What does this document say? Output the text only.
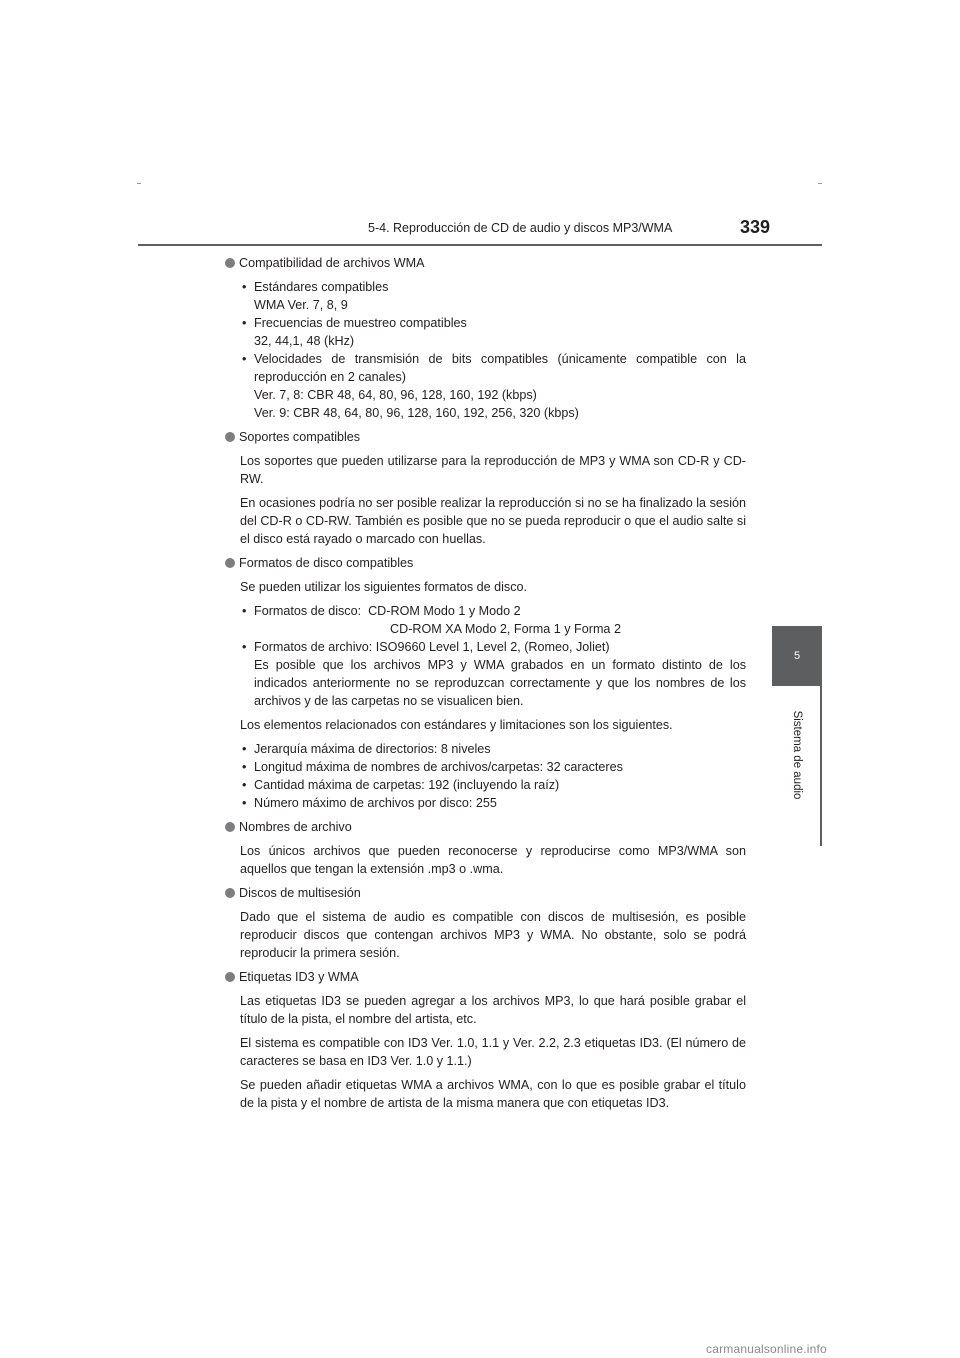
5-4. Reproducción de CD de audio y discos MP3/WMA	339
5
Sistema de audio
Compatibilidad de archivos WMA
• Estándares compatibles
WMA Ver. 7, 8, 9
• Frecuencias de muestreo compatibles
32, 44,1, 48 (kHz)
• Velocidades de transmisión de bits compatibles (únicamente compatible con la reproducción en 2 canales)
Ver. 7, 8: CBR 48, 64, 80, 96, 128, 160, 192 (kbps)
Ver. 9: CBR 48, 64, 80, 96, 128, 160, 192, 256, 320 (kbps)
Soportes compatibles

Los soportes que pueden utilizarse para la reproducción de MP3 y WMA son CD-R y CD-RW.

En ocasiones podría no ser posible realizar la reproducción si no se ha finalizado la sesión del CD-R o CD-RW. También es posible que no se pueda reproducir o que el audio salte si el disco está rayado o marcado con huellas.

Formatos de disco compatibles

Se pueden utilizar los siguientes formatos de disco.

• Formatos de disco:  CD-ROM Modo 1 y Modo 2
CD-ROM XA Modo 2, Forma 1 y Forma 2
• Formatos de archivo: ISO9660 Level 1, Level 2, (Romeo, Joliet)
Es posible que los archivos MP3 y WMA grabados en un formato distinto de los indicados anteriormente no se reproduzcan correctamente y que los nombres de los archivos y de las carpetas no se visualicen bien.

Los elementos relacionados con estándares y limitaciones son los siguientes.

• Jerarquía máxima de directorios: 8 niveles
• Longitud máxima de nombres de archivos/carpetas: 32 caracteres
• Cantidad máxima de carpetas: 192 (incluyendo la raíz)
• Número máximo de archivos por disco: 255
Nombres de archivo

Los únicos archivos que pueden reconocerse y reproducirse como MP3/WMA son aquellos que tengan la extensión .mp3 o .wma.

Discos de multisesión

Dado que el sistema de audio es compatible con discos de multisesión, es posible reproducir discos que contengan archivos MP3 y WMA. No obstante, solo se podrá reproducir la primera sesión.

Etiquetas ID3 y WMA

Las etiquetas ID3 se pueden agregar a los archivos MP3, lo que hará posible grabar el título de la pista, el nombre del artista, etc.

El sistema es compatible con ID3 Ver. 1.0, 1.1 y Ver. 2.2, 2.3 etiquetas ID3. (El número de caracteres se basa en ID3 Ver. 1.0 y 1.1.)

Se pueden añadir etiquetas WMA a archivos WMA, con lo que es posible grabar el título de la pista y el nombre de artista de la misma manera que con etiquetas ID3.

carmanualsonline.info
